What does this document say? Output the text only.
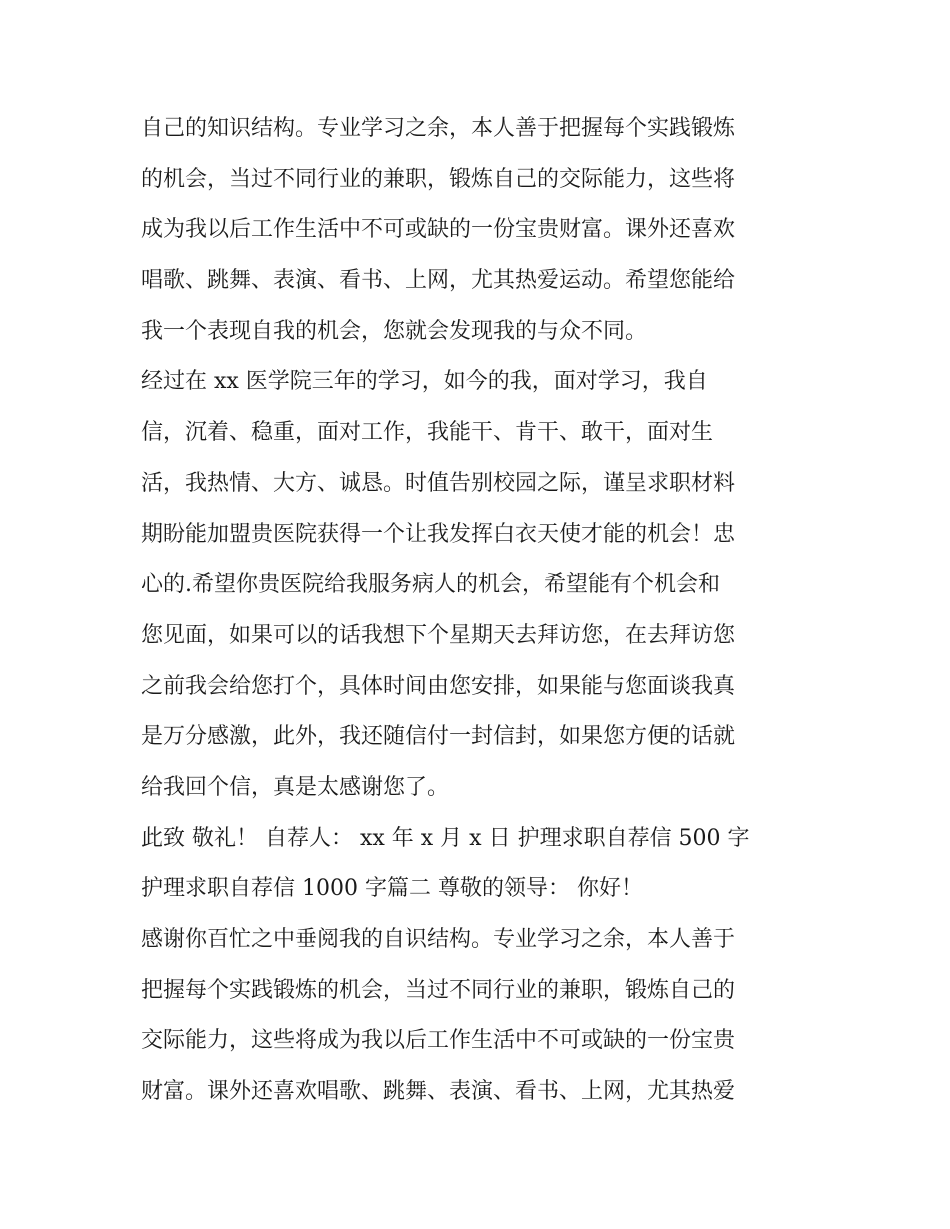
自己的知识结构。专业学习之余，本人善于把握每个实践锻炼
的机会，当过不同行业的兼职，锻炼自己的交际能力，这些将
成为我以后工作生活中不可或缺的一份宝贵财富。课外还喜欢
唱歌、跳舞、表演、看书、上网，尤其热爱运动。希望您能给
我一个表现自我的机会，您就会发现我的与众不同。
经过在 xx 医学院三年的学习，如今的我，面对学习，我自
信，沉着、稳重，面对工作，我能干、肯干、敢干，面对生
活，我热情、大方、诚恳。时值告别校园之际，谨呈求职材料
期盼能加盟贵医院获得一个让我发挥白衣天使才能的机会！忠
心的.希望你贵医院给我服务病人的机会，希望能有个机会和
您见面，如果可以的话我想下个星期天去拜访您，在去拜访您
之前我会给您打个，具体时间由您安排，如果能与您面谈我真
是万分感激，此外，我还随信付一封信封，如果您方便的话就
给我回个信，真是太感谢您了。
此致 敬礼！ 自荐人： xx 年 x 月 x 日 护理求职自荐信 500 字
护理求职自荐信 1000 字篇二 尊敬的领导： 你好！
感谢你百忙之中垂阅我的自识结构。专业学习之余，本人善于
把握每个实践锻炼的机会，当过不同行业的兼职，锻炼自己的
交际能力，这些将成为我以后工作生活中不可或缺的一份宝贵
财富。课外还喜欢唱歌、跳舞、表演、看书、上网，尤其热爱
